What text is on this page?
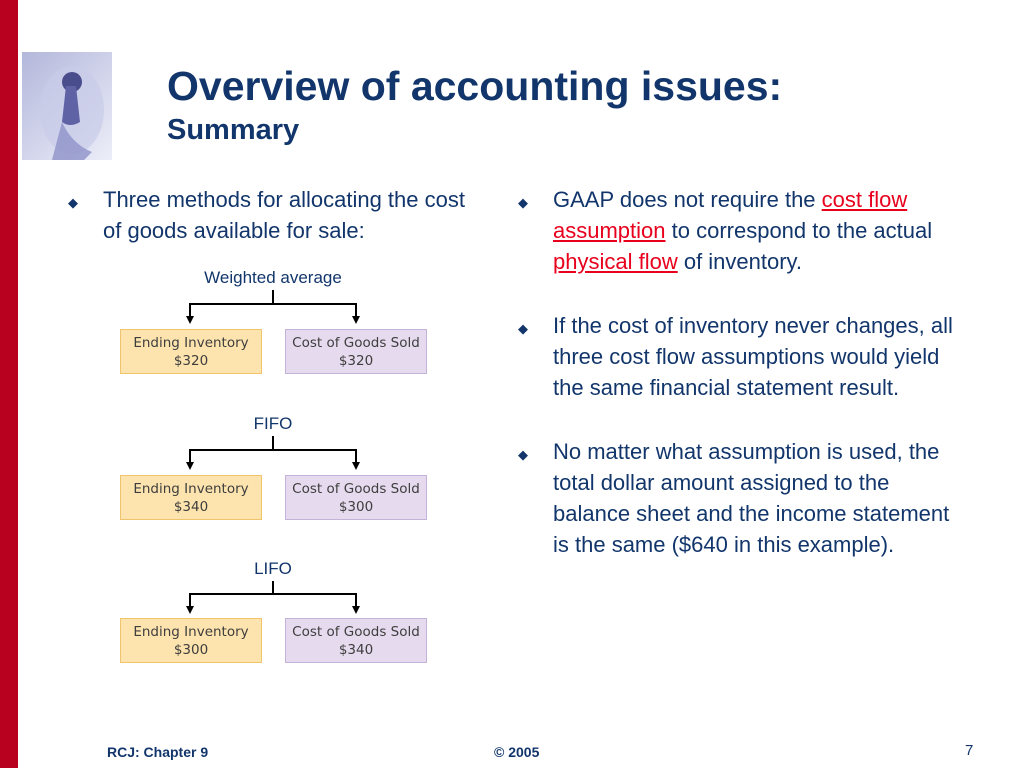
Overview of accounting issues:
Summary
◆ Three methods for allocating the cost of goods available for sale:
Weighted average
Ending Inventory
$320
Cost of Goods Sold
$320
FIFO
Ending Inventory
$340
Cost of Goods Sold
$300
LIFO
Ending Inventory
$300
Cost of Goods Sold
$340
◆ GAAP does not require the cost flow assumption to correspond to the actual physical flow of inventory.
◆ If the cost of inventory never changes, all three cost flow assumptions would yield the same financial statement result.
◆ No matter what assumption is used, the total dollar amount assigned to the balance sheet and the income statement is the same ($640 in this example).
RCJ: Chapter 9	© 2005	7
